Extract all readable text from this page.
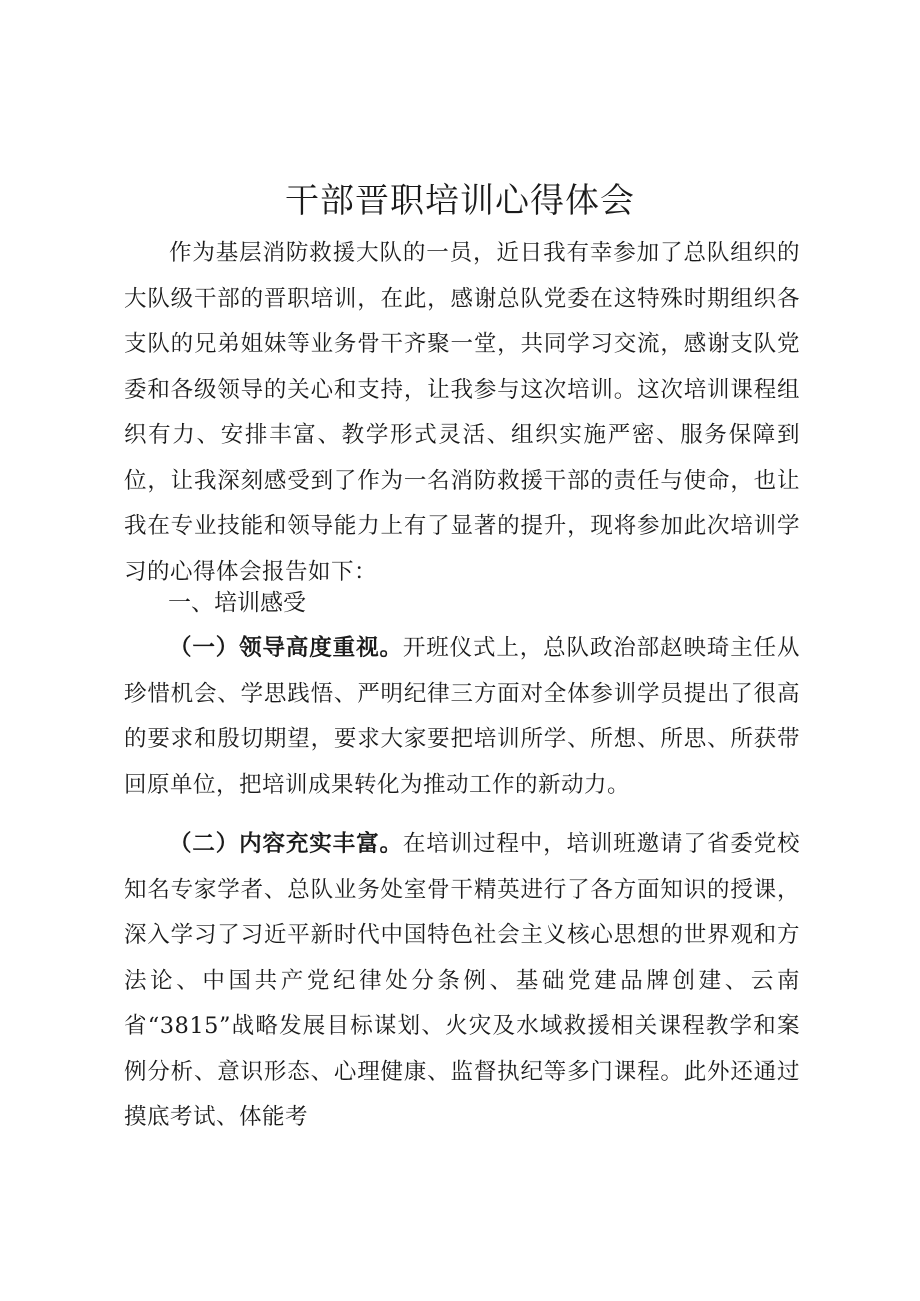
干部晋职培训心得体会

作为基层消防救援大队的一员，近日我有幸参加了总队组织的大队级干部的晋职培训，在此，感谢总队党委在这特殊时期组织各支队的兄弟姐妹等业务骨干齐聚一堂，共同学习交流，感谢支队党委和各级领导的关心和支持，让我参与这次培训。这次培训课程组织有力、安排丰富、教学形式灵活、组织实施严密、服务保障到位，让我深刻感受到了作为一名消防救援干部的责任与使命，也让我在专业技能和领导能力上有了显著的提升，现将参加此次培训学习的心得体会报告如下：

一、培训感受

（一）领导高度重视。开班仪式上，总队政治部赵映琦主任从珍惜机会、学思践悟、严明纪律三方面对全体参训学员提出了很高的要求和殷切期望，要求大家要把培训所学、所想、所思、所获带回原单位，把培训成果转化为推动工作的新动力。

（二）内容充实丰富。在培训过程中，培训班邀请了省委党校知名专家学者、总队业务处室骨干精英进行了各方面知识的授课，深入学习了习近平新时代中国特色社会主义核心思想的世界观和方法论、中国共产党纪律处分条例、基础党建品牌创建、云南省“3815”战略发展目标谋划、火灾及水域救援相关课程教学和案例分析、意识形态、心理健康、监督执纪等多门课程。此外还通过摸底考试、体能考
